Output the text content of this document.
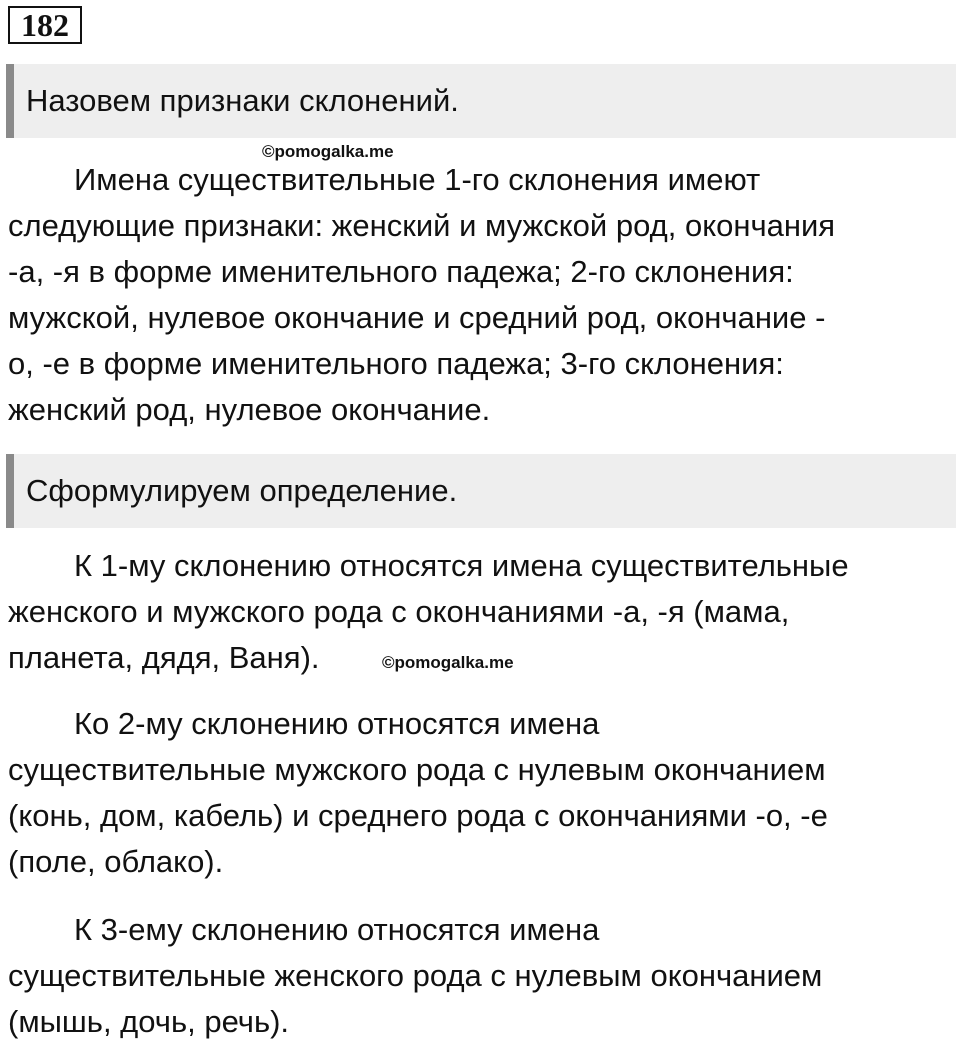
182
Назовем признаки склонений.
©pomogalka.me

Имена существительные 1-го склонения имеют
следующие признаки: женский и мужской род, окончания
-а, -я в форме именительного падежа; 2-го склонения:
мужской, нулевое окончание и средний род, окончание -
о, -е в форме именительного падежа; 3-го склонения:
женский род, нулевое окончание.

Сформулируем определение.

К 1-му склонению относятся имена существительные
женского и мужского рода с окончаниями -а, -я (мама,
планета, дядя, Ваня).	©pomogalka.me

Ко 2-му склонению относятся имена
существительные мужского рода с нулевым окончанием
(конь, дом, кабель) и среднего рода с окончаниями -о, -е
(поле, облако).

К 3-ему склонению относятся имена
существительные женского рода с нулевым окончанием
(мышь, дочь, речь).
